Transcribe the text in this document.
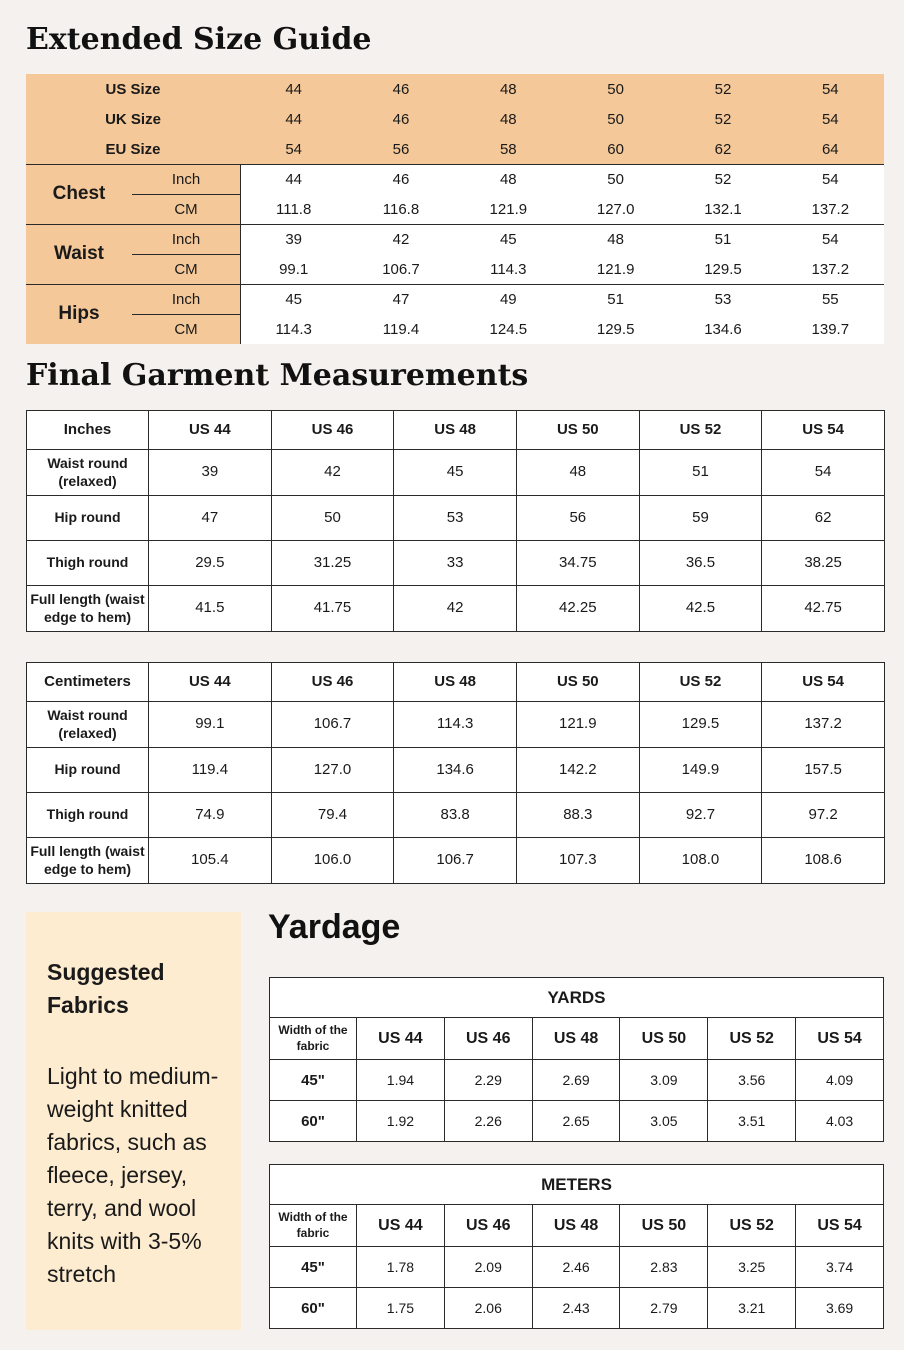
Extended Size Guide
US Size	44	46	48	50	52	54
UK Size	44	46	48	50	52	54
EU Size	54	56	58	60	62	64
Chest
Inch	44	46	48	50	52	54
CM	111.8	116.8	121.9	127.0	132.1	137.2
Waist
Inch	39	42	45	48	51	54
CM	99.1	106.7	114.3	121.9	129.5	137.2
Hips
Inch	45	47	49	51	53	55
CM	114.3	119.4	124.5	129.5	134.6	139.7
Final Garment Measurements
Inches	US 44	US 46	US 48	US 50	US 52	US 54
Waist round (relaxed)	39	42	45	48	51	54
Hip round	47	50	53	56	59	62
Thigh round	29.5	31.25	33	34.75	36.5	38.25
Full length (waist edge to hem)	41.5	41.75	42	42.25	42.5	42.75
Centimeters	US 44	US 46	US 48	US 50	US 52	US 54
Waist round (relaxed)	99.1	106.7	114.3	121.9	129.5	137.2
Hip round	119.4	127.0	134.6	142.2	149.9	157.5
Thigh round	74.9	79.4	83.8	88.3	92.7	97.2
Full length (waist edge to hem)	105.4	106.0	106.7	107.3	108.0	108.6

Suggested Fabrics

Light to medium-weight knitted fabrics, such as fleece, jersey, terry, and wool knits with 3-5% stretch

Yardage
YARDS						
Width of the fabric	US 44	US 46	US 48	US 50	US 52	US 54
45"	1.94	2.29	2.69	3.09	3.56	4.09
60"	1.92	2.26	2.65	3.05	3.51	4.03
METERS						
Width of the fabric	US 44	US 46	US 48	US 50	US 52	US 54
45"	1.78	2.09	2.46	2.83	3.25	3.74
60"	1.75	2.06	2.43	2.79	3.21	3.69
